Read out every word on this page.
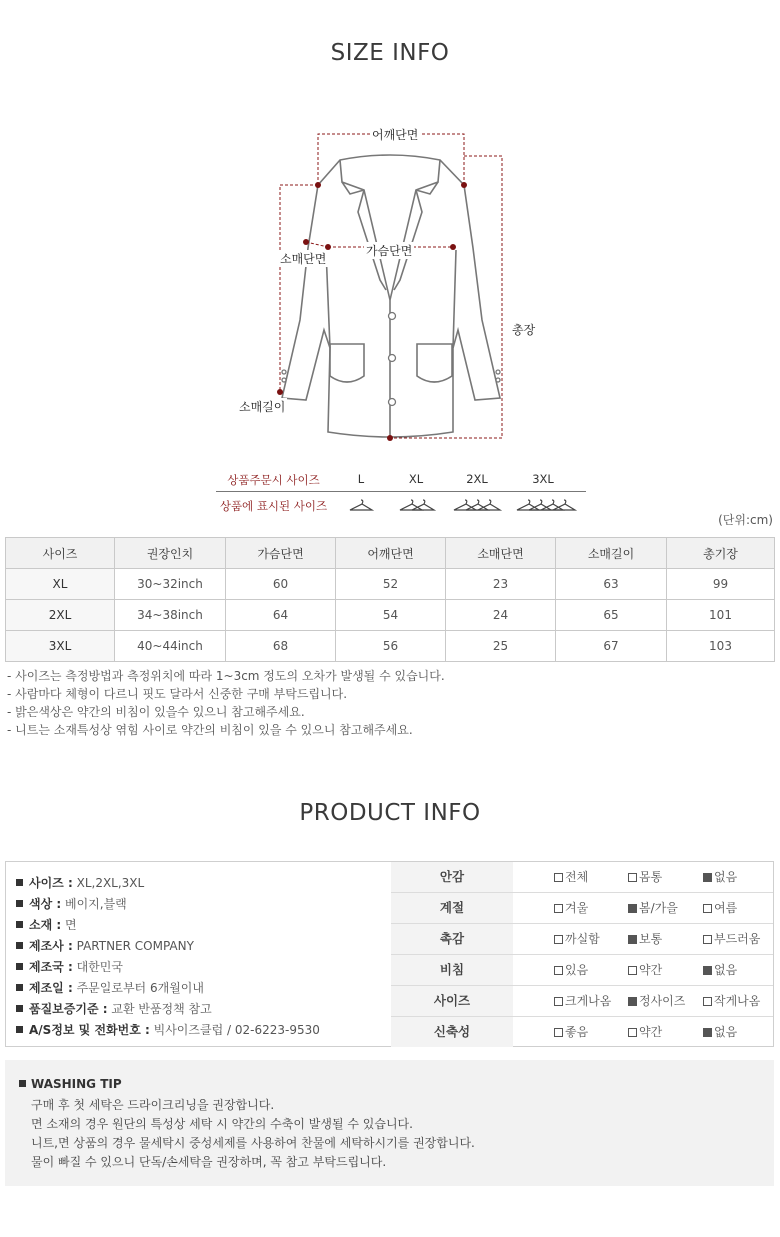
SIZE INFO
어깨단면
가슴단면
소매단면
총장
소매길이
상품주문시 사이즈
상품에 표시된 사이즈
L	XL	2XL	3XL
(단위:cm)
사이즈	권장인치	가슴단면	어깨단면	소매단면	소매길이	총기장
XL	30~32inch	60	52	23	63	99
2XL	34~38inch	64	54	24	65	101
3XL	40~44inch	68	56	25	67	103
- 사이즈는 측정방법과 측정위치에 따라 1~3cm 정도의 오차가 발생될 수 있습니다.
- 사람마다 체형이 다르니 핏도 달라서 신중한 구매 부탁드립니다.
- 밝은색상은 약간의 비침이 있을수 있으니 참고해주세요.
- 니트는 소재특성상 엮힘 사이로 약간의 비침이 있을 수 있으니 참고해주세요.
PRODUCT INFO
사이즈 : XL,2XL,3XL
색상 : 베이지,블랙
소재 : 면
제조사 : PARTNER COMPANY
제조국 : 대한민국
제조일 : 주문일로부터 6개월이내
품질보증기준 : 교환 반품정책 참고
A/S정보 및 전화번호 : 빅사이즈클럽 / 02-6223-9530
안감	전체	몸통	없음
계절	겨울	봄/가을	여름
촉감	까실함	보통	부드러움
비침	있음	약간	없음
사이즈	크게나옴	정사이즈	작게나옴
신축성	좋음	약간	없음
WASHING TIP
구매 후 첫 세탁은 드라이크리닝을 권장합니다.
면 소재의 경우 원단의 특성상 세탁 시 약간의 수축이 발생될 수 있습니다.
니트,면 상품의 경우 물세탁시 중성세제를 사용하여 찬물에 세탁하시기를 권장합니다.
물이 빠질 수 있으니 단독/손세탁을 권장하며, 꼭 참고 부탁드립니다.
